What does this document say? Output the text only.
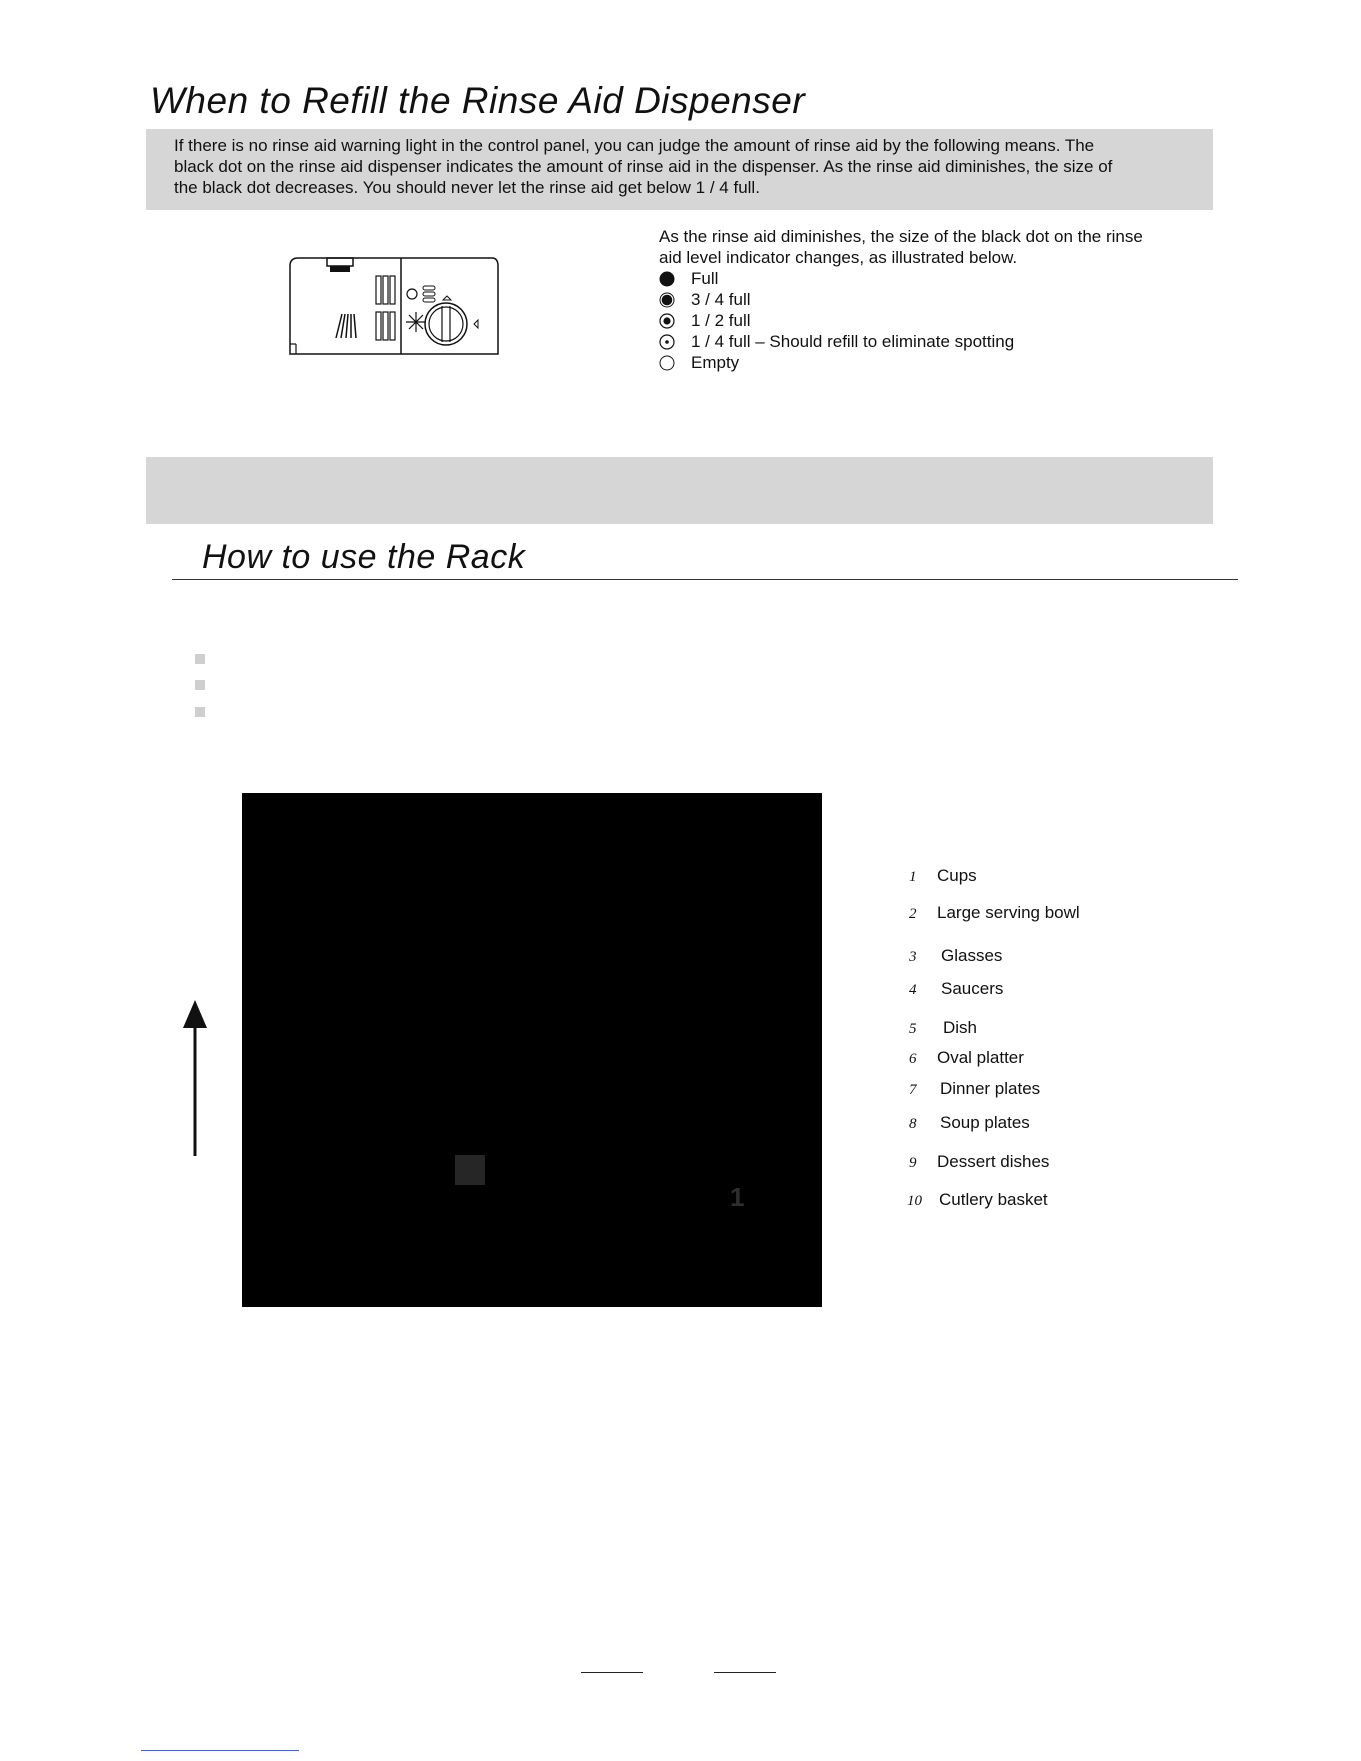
When to Refill the Rinse Aid Dispenser
If there is no rinse aid warning light in the control panel, you can judge the amount of rinse aid by the following means. The
black dot on the rinse aid dispenser indicates the amount of rinse aid in the dispenser. As the rinse aid diminishes, the size of
the black dot decreases. You should never let the rinse aid get below 1 / 4 full.
As the rinse aid diminishes, the size of the black dot on the rinse
aid level indicator changes, as illustrated below.
Full
3 / 4 full
1 / 2 full
1 / 4 full – Should refill to eliminate spotting
Empty
How to use the Rack
1
1	Cups
2	Large serving bowl
3	Glasses
4	Saucers
5	Dish
6	Oval platter
7	Dinner plates
8	Soup plates
9	Dessert dishes
10	Cutlery basket
